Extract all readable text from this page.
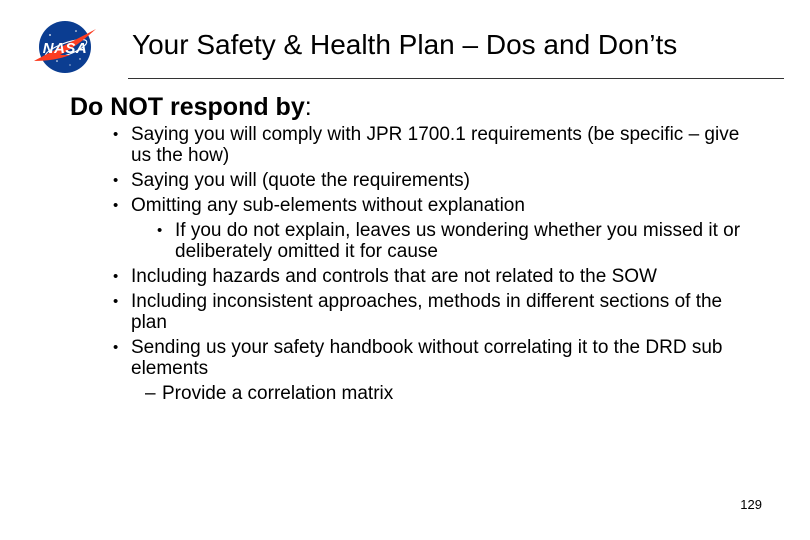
NASA Your Safety & Health Plan – Dos and Don’ts
Do NOT respond by:
• Saying you will comply with JPR 1700.1 requirements (be specific – give us the how)
• Saying you will (quote the requirements)
• Omitting any sub-elements without explanation
• If you do not explain, leaves us wondering whether you missed it or deliberately omitted it for cause
• Including hazards and controls that are not related to the SOW
• Including inconsistent approaches, methods in different sections of the plan
• Sending us your safety handbook without correlating it to the DRD sub elements
– Provide a correlation matrix
129
